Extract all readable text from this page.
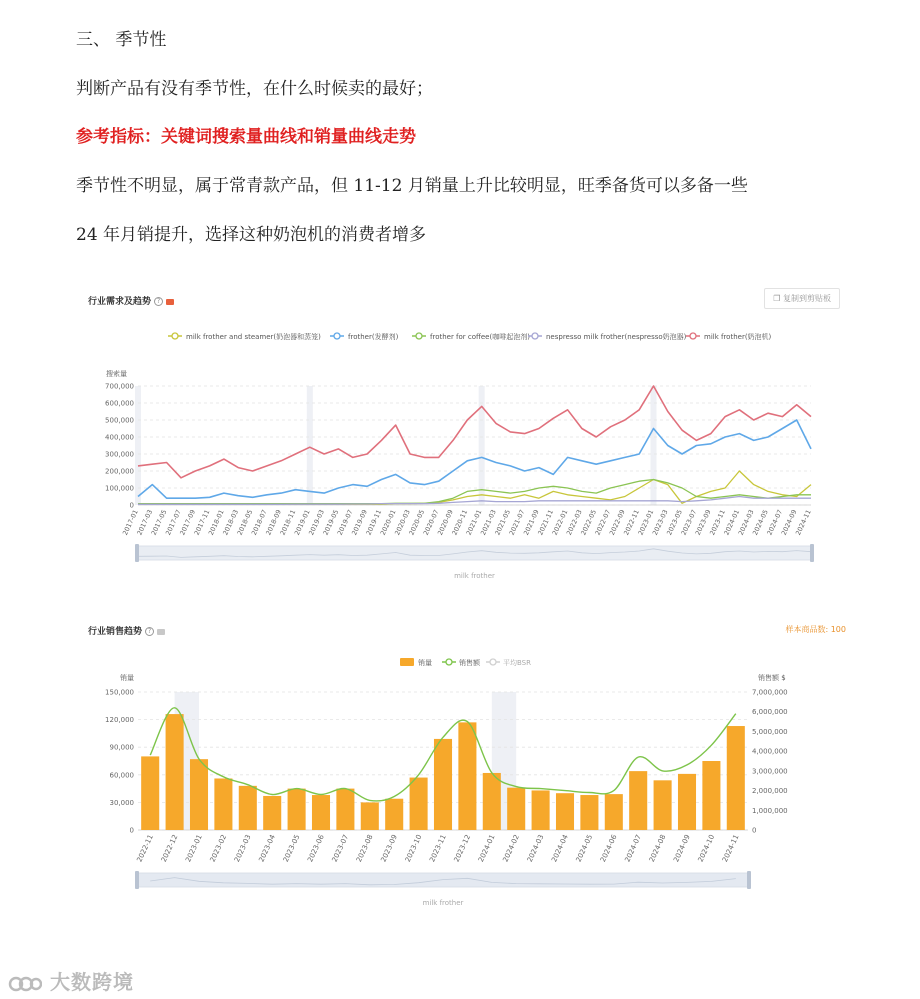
三、 季节性
判断产品有没有季节性，在什么时候卖的最好；
参考指标：关键词搜索量曲线和销量曲线走势
季节性不明显，属于常青款产品，但 11-12 月销量上升比较明显，旺季备货可以多备一些
24 年月销提升，选择这种奶泡机的消费者增多
行业需求及趋势 ?	❐ 复制到剪贴板
milk frother and steamer(奶泡器和蒸笼)	frother(发酵剂)	frother for coffee(咖啡起泡剂) nespresso milk frother(nespresso奶泡器)	milk frother(奶泡机)
搜索量
0
100,000
200,000
300,000
400,000
500,000
600,000
700,000
2017-01
2017-03
2017-05
2017-07
2017-09
2017-11
2018-01
2018-03
2018-05
2018-07
2018-09
2018-11
2019-01
2019-03
2019-05
2019-07
2019-09
2019-11
2020-01
2020-03
2020-05
2020-07
2020-09
2020-11
2021-01
2021-03
2021-05
2021-07
2021-09
2021-11
2022-01
2022-03
2022-05
2022-07
2022-09
2022-11
2023-01
2023-03
2023-05
2023-07
2023-09
2023-11
2024-01
2024-03
2024-05
2024-07
2024-09
2024-11
milk frother
行业销售趋势 ?	样本商品数: 100
销量	销售额	平均BSR
销量	销售额 $
0
30,000
60,000
90,000
120,000
150,000
0
1,000,000
2,000,000
3,000,000
4,000,000
5,000,000
6,000,000
7,000,000
2022-11 2022-12 2023-01 2023-02 2023-03 2023-04 2023-05 2023-06 2023-07 2023-08 2023-09 2023-10 2023-11 2023-12 2024-01 2024-02 2024-03 2024-04 2024-05 2024-06 2024-07 2024-08 2024-09 2024-10 2024-11
milk frother
大数跨境
